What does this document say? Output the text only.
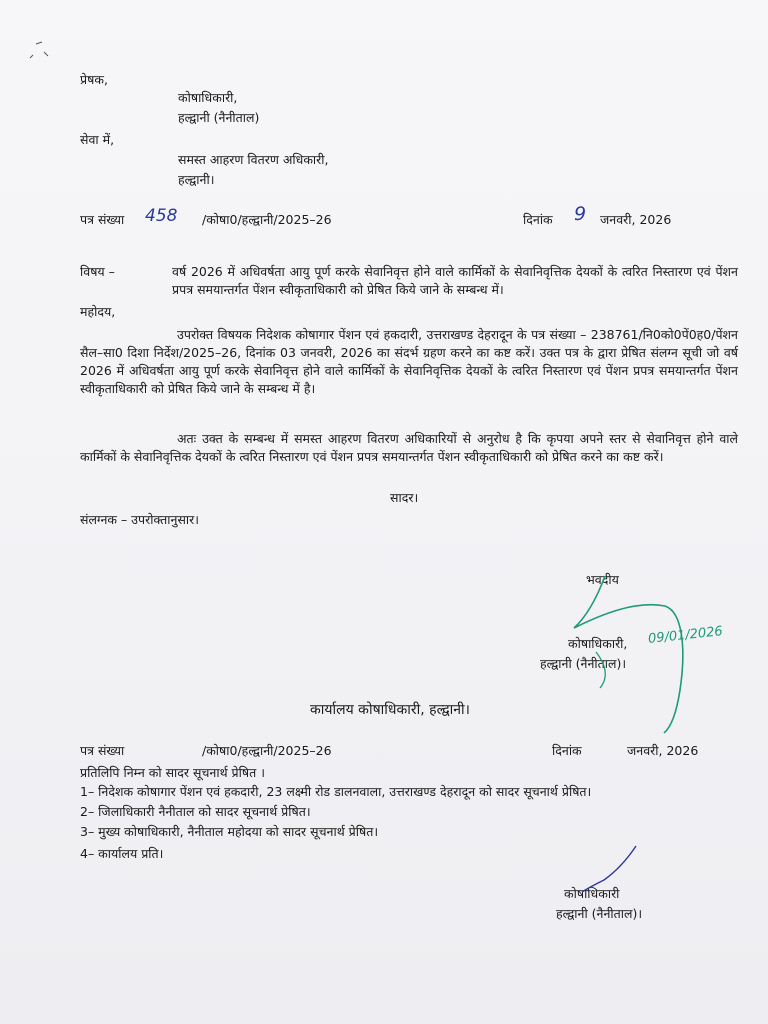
प्रेषक,
कोषाधिकारी,
हल्द्वानी (नैनीताल)
सेवा में,
समस्त आहरण वितरण अधिकारी,
हल्द्वानी।
पत्र संख्या 458 /कोषा0/हल्द्वानी/2025–26	दिनांक 9 जनवरी, 2026
विषय –	वर्ष 2026 में अधिवर्षता आयु पूर्ण करके सेवानिवृत्त होने वाले कार्मिकों के सेवानिवृत्तिक देयकों के त्वरित निस्तारण एवं पेंशन प्रपत्र समयान्तर्गत पेंशन स्वीकृताधिकारी को प्रेषित किये जाने के सम्बन्ध में।
महोदय,
उपरोक्त विषयक निदेशक कोषागार पेंशन एवं हकदारी, उत्तराखण्ड देहरादून के पत्र संख्या – 238761/नि0को0पें0ह0/पेंशन सैल–सा0 दिशा निर्देश/2025–26, दिनांक 03 जनवरी, 2026 का संदर्भ ग्रहण करने का कष्ट करें। उक्त पत्र के द्वारा प्रेषित संलग्न सूची जो वर्ष 2026 में अधिवर्षता आयु पूर्ण करके सेवानिवृत्त होने वाले कार्मिकों के सेवानिवृत्तिक देयकों के त्वरित निस्तारण एवं पेंशन प्रपत्र समयान्तर्गत पेंशन स्वीकृताधिकारी को प्रेषित किये जाने के सम्बन्ध में है।
अतः उक्त के सम्बन्ध में समस्त आहरण वितरण अधिकारियों से अनुरोध है कि कृपया अपने स्तर से सेवानिवृत्त होने वाले कार्मिकों के सेवानिवृत्तिक देयकों के त्वरित निस्तारण एवं पेंशन प्रपत्र समयान्तर्गत पेंशन स्वीकृताधिकारी को प्रेषित करने का कष्ट करें।
सादर।
संलग्नक – उपरोक्तानुसार।
भवदीय
कोषाधिकारी,
हल्द्वानी (नैनीताल)।
09/01/2026
कार्यालय कोषाधिकारी, हल्द्वानी।
पत्र संख्या	/कोषा0/हल्द्वानी/2025–26	दिनांक	जनवरी, 2026
प्रतिलिपि निम्न को सादर सूचनार्थ प्रेषित ।
1– निदेशक कोषागार पेंशन एवं हकदारी, 23 लक्ष्मी रोड डालनवाला, उत्तराखण्ड देहरादून को सादर सूचनार्थ प्रेषित।
2– जिलाधिकारी नैनीताल को सादर सूचनार्थ प्रेषित।
3– मुख्य कोषाधिकारी, नैनीताल महोदया को सादर सूचनार्थ प्रेषित।
4– कार्यालय प्रति।
कोषाधिकारी
हल्द्वानी (नैनीताल)।
